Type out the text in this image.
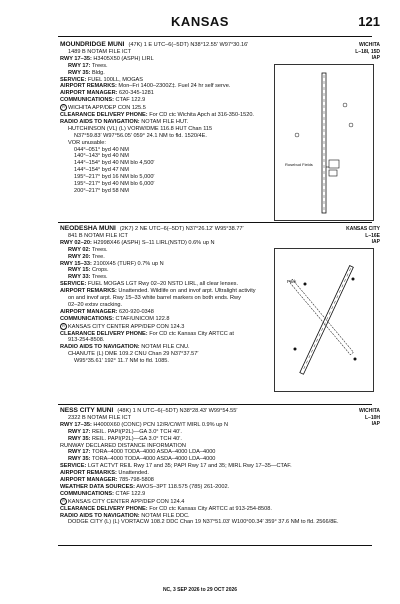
KANSAS	121
MOUNDRIDGE MUNI (47K) 1 E UTC–6(–5DT) N38°12.55′ W97°30.16′
1489 B NOTAM FILE ICT
RWY 17–35: H3405X50 (ASPH) LIRL
RWY 17: Trees.
RWY 35: Bldg.
SERVICE: FUEL 100LL, MOGAS
AIRPORT REMARKS: Mon–Fri 1400–2300Z‡. Fuel 24 hr self serve.
AIRPORT MANAGER: 620-345-1281
COMMUNICATIONS: CTAF 122.9
R WICHITA APP/DEP CON 125.5
CLEARANCE DELIVERY PHONE: For CD ctc Wichita Apch at 316-350-1520.
RADIO AIDS TO NAVIGATION: NOTAM FILE HUT.
HUTCHINSON (VL) (L) VORW/DME 116.8 HUT Chan 115
N37°59.83′ W97°56.05′ 059° 24.1 NM to fld. 1520/4E.
VOR unusable:
044°–051° byd 40 NM
140°–143° byd 40 NM
144°–154° byd 40 NM blo 4,500′
144°–154° byd 47 NM
195°–217° byd 16 NM blo 5,000′
195°–217° byd 40 NM blo 6,000′
200°–217° byd 58 NM
WICHITA
L–18I, 15D
IAP
Rosebud Fields
NEODESHA MUNI (2K7) 2 NE UTC–6(–5DT) N37°26.12′ W95°38.77′
841 B NOTAM FILE ICT
RWY 02–20: H2998X46 (ASPH) S–11 LIRL(NSTD) 0.6% up N
RWY 02: Trees.
RWY 20: Tree.
RWY 15–33: 2100X45 (TURF) 0.7% up N
RWY 15: Crops.
RWY 33: Trees.
SERVICE: FUEL MOGAS LGT Rwy 02–20 NSTD LIRL, all clear lenses.
AIRPORT REMARKS: Unattended. Wildlife on and invof arpt. Ultralight activity
on and invof arpt. Rwy 15–33 white barrel markers on both ends. Rwy
02–20 extsv cracking.
AIRPORT MANAGER: 620-920-0348
COMMUNICATIONS: CTAF/UNICOM 122.8
R KANSAS CITY CENTER APP/DEP CON 124.3
CLEARANCE DELIVERY PHONE: For CD ctc Kansas City ARTCC at
913-254-8508.
RADIO AIDS TO NAVIGATION: NOTAM FILE CNU.
CHANUTE (L) DME 109.2 CNU Chan 29 N37°37.57′
W95°35.61′ 192° 11.7 NM to fld. 1085.
KANSAS CITY
L–16E
IAP
Park
NESS CITY MUNI (48K) 1 N UTC–6(–5DT) N38°28.43′ W99°54.55′
2322 B NOTAM FILE ICT
RWY 17–35: H4000X60 (CONC) PCN 12/R/C/W/T MIRL 0.9% up N
RWY 17: REIL. PAPI(P2L)—GA 3.0° TCH 40′.
RWY 35: REIL. PAPI(P2L)—GA 3.0° TCH 40′.
RUNWAY DECLARED DISTANCE INFORMATION
RWY 17: TORA–4000 TODA–4000 ASDA–4000 LDA–4000
RWY 35: TORA–4000 TODA–4000 ASDA–4000 LDA–4000
SERVICE: LGT ACTVT REIL Rwy 17 and 35; PAPI Rwy 17 and 35; MIRL Rwy 17–35—CTAF.
AIRPORT REMARKS: Unattended.
AIRPORT MANAGER: 785-798-5808
WEATHER DATA SOURCES: AWOS–3PT 118.575 (785) 261-2002.
COMMUNICATIONS: CTAF 122.9
R KANSAS CITY CENTER APP/DEP CON 124.4
CLEARANCE DELIVERY PHONE: For CD ctc Kansas City ARTCC at 913-254-8508.
RADIO AIDS TO NAVIGATION: NOTAM FILE DDC.
DODGE CITY (L) (L) VORTACW 108.2 DDC Chan 19 N37°51.03′ W100°00.34′ 359° 37.6 NM to fld. 2566/8E.
WICHITA
L–10H
IAP
NC, 3 SEP 2026 to 29 OCT 2026
